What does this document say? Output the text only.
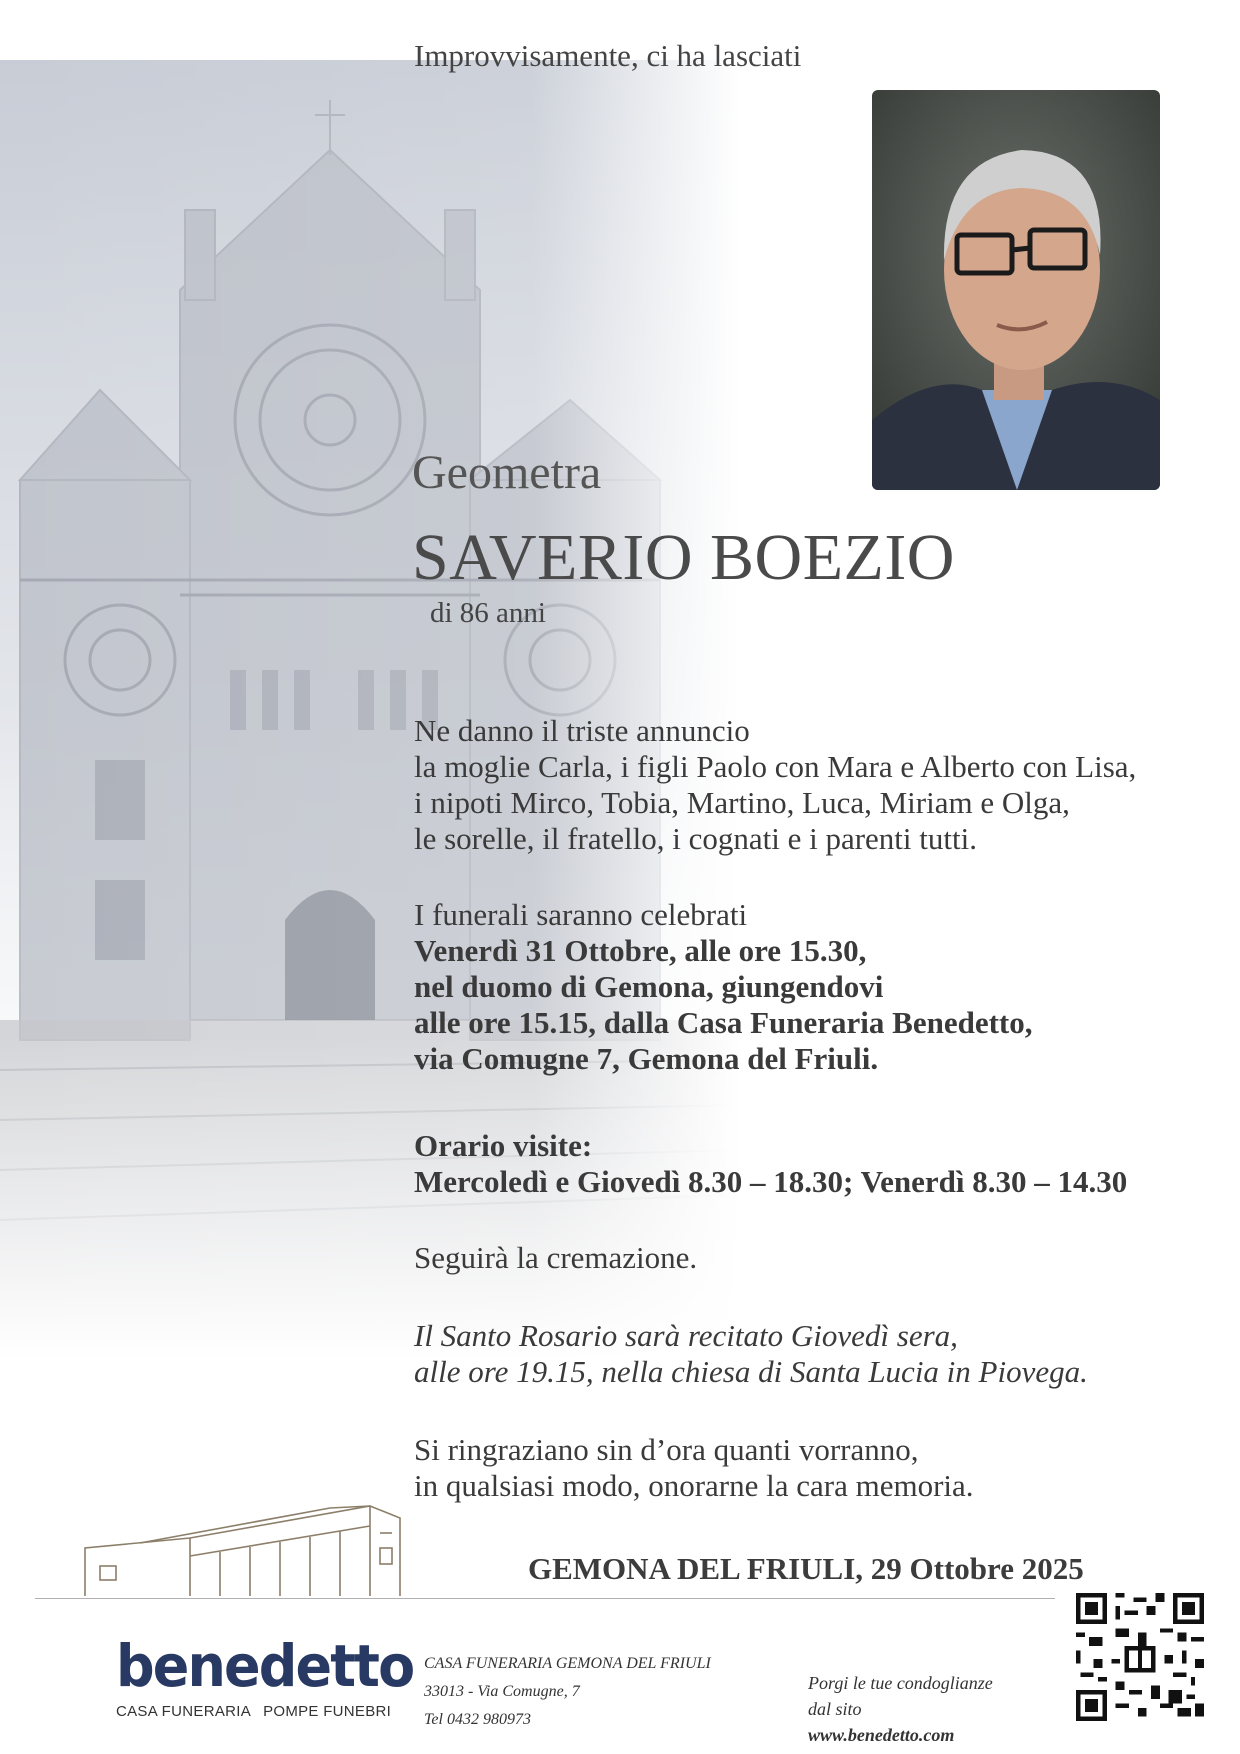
Improvvisamente, ci ha lasciati
Geometra
SAVERIO BOEZIO
di 86 anni
Ne danno il triste annuncio
la moglie Carla, i figli Paolo con Mara e Alberto con Lisa,
i nipoti Mirco, Tobia, Martino, Luca, Miriam e Olga,
le sorelle, il fratello, i cognati e i parenti tutti.
I funerali saranno celebrati
Venerdì 31 Ottobre, alle ore 15.30,
nel duomo di Gemona, giungendovi
alle ore 15.15, dalla Casa Funeraria Benedetto,
via Comugne 7, Gemona del Friuli.
Orario visite:
Mercoledì e Giovedì 8.30 – 18.30; Venerdì 8.30 – 14.30
Seguirà la cremazione.
Il Santo Rosario sarà recitato Giovedì sera,
alle ore 19.15, nella chiesa di Santa Lucia in Piovega.
Si ringraziano sin d’ora quanti vorranno,
in qualsiasi modo, onorarne la cara memoria.
GEMONA DEL FRIULI, 29 Ottobre 2025
benedetto
CASA FUNERARIA POMPE FUNEBRI
CASA FUNERARIA GEMONA DEL FRIULI
33013 - Via Comugne, 7
Tel 0432 980973
Porgi le tue condoglianze
dal sito
www.benedetto.com
